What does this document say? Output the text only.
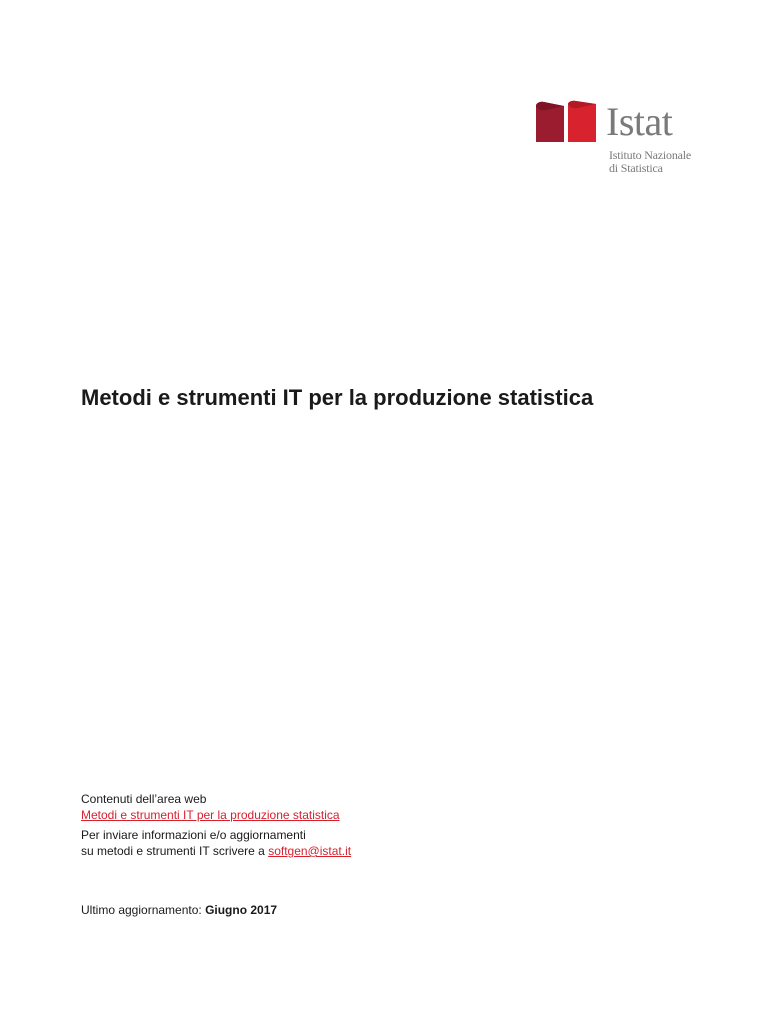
Istat
Istituto Nazionale
di Statistica
Metodi e strumenti IT per la produzione statistica
Contenuti dell’area web
Metodi e strumenti IT per la produzione statistica
Per inviare informazioni e/o aggiornamenti
su metodi e strumenti IT scrivere a softgen@istat.it
Ultimo aggiornamento: Giugno 2017
